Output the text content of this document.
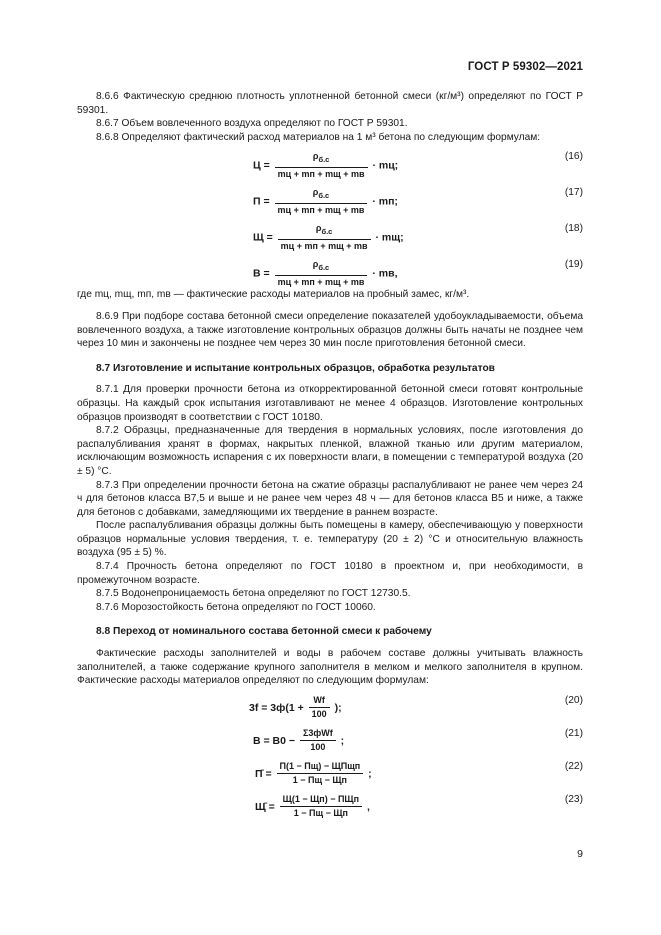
ГОСТ Р 59302—2021

8.6.6 Фактическую среднюю плотность уплотненной бетонной смеси (кг/м³) определяют по ГОСТ Р 59301.

8.6.7 Объем вовлеченного воздуха определяют по ГОСТ Р 59301.

8.6.8 Определяют фактический расход материалов на 1 м³ бетона по следующим формулам:

$Ц = \frac{\rho_{б.с}}{mц + mп + mщ + mв}$ · mц;
(16)
$П = \frac{\rho_{б.с}}{mц + mп + mщ + mв}$ · mп;
(17)
$Щ = \frac{\rho_{б.с}}{mц + mп + mщ + mв}$ · mщ;
(18)
$В = \frac{\rho_{б.с}}{mц + mп + mщ + mв}$ · mв,
(19)

где mц, mщ, mп, mв — фактические расходы материалов на пробный замес, кг/м³.

8.6.9 При подборе состава бетонной смеси определение показателей удобоукладываемости, объема вовлеченного воздуха, а также изготовление контрольных образцов должны быть начаты не позднее чем через 10 мин и закончены не позднее чем через 30 мин после приготовления бетонной смеси.

8.7 Изготовление и испытание контрольных образцов, обработка результатов

8.7.1 Для проверки прочности бетона из откорректированной бетонной смеси готовят контрольные образцы. На каждый срок испытания изготавливают не менее 4 образцов. Изготовление контрольных образцов производят в соответствии с ГОСТ 10180.

8.7.2 Образцы, предназначенные для твердения в нормальных условиях, после изготовления до распалубливания хранят в формах, накрытых пленкой, влажной тканью или другим материалом, исключающим возможность испарения с их поверхности влаги, в помещении с температурой воздуха (20 ± 5) °С.

8.7.3 При определении прочности бетона на сжатие образцы распалубливают не ранее чем через 24 ч для бетонов класса В7,5 и выше и не ранее чем через 48 ч — для бетонов класса В5 и ниже, а также для бетонов с добавками, замедляющими их твердение в раннем возрасте.

После распалубливания образцы должны быть помещены в камеру, обеспечивающую у поверхности образцов нормальные условия твердения, т. е. температуру (20 ± 2) °С и относительную влажность воздуха (95 ± 5) %.

8.7.4 Прочность бетона определяют по ГОСТ 10180 в проектном и, при необходимости, в промежуточном возрасте.

8.7.5 Водонепроницаемость бетона определяют по ГОСТ 12730.5.

8.7.6 Морозостойкость бетона определяют по ГОСТ 10060.

8.8 Переход от номинального состава бетонной смеси к рабочему

Фактические расходы заполнителей и воды в рабочем составе должны учитывать влажность заполнителей, а также содержание крупного заполнителя в мелком и мелкого заполнителя в крупном. Фактические расходы материалов определяют по следующим формулам:

$3f = 3ф(1 + \frac{Wf}{100}$ );
(20)
$В = В0 - \frac{\text{Σ3фWf}}{100}$ ;
(21)
П̄ = $\frac{\text{П(1 − Пщ) − ЩПщп}}{1 - Пщ - Щп}$ ;
(22)
Щ̄ = $\frac{\text{Щ(1 − Щп) − ПЩп}}{1 - Пщ - Щп}$ ,
(23)
9
